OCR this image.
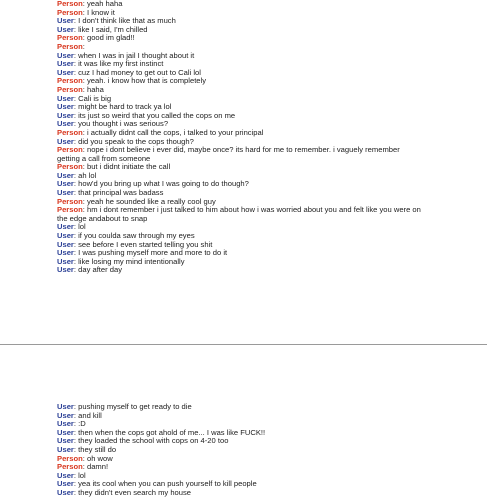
Person: yeah haha
Person: I know it
User: I don't think like that as much
User: like I said, I'm chilled
Person: good im glad!!
Person:
User: when I was in jail I thought about it
User: it was like my first instinct
User: cuz I had money to get out to Cali lol
Person: yeah. i know how that is completely
Person: haha
User: Cali is big
User: might be hard to track ya lol
User: its just so weird that you called the cops on me
User: you thought i was serious?
Person: i actually didnt call the cops, i talked to your principal
User: did you speak to the cops though?
Person: nope i dont believe i ever did, maybe once? its hard for me to remember. i vaguely remember getting a call from someone
Person: but i didnt initiate the call
User: ah lol
User: how'd you bring up what I was going to do though?
User: that principal was badass
Person: yeah he sounded like a really cool guy
Person: hm i dont remember i just talked to him about how i was worried about you and felt like you were on the edge andabout to snap
User: lol
User: if you coulda saw through my eyes
User: see before I even started telling you shit
User: I was pushing myself more and more to do it
User: like losing my mind intentionally
User: day after day
User: pushing myself to get ready to die
User: and kill
User: :D
User: then when the cops got ahold of me... I was like FUCK!!
User: they loaded the school with cops on 4-20 too
User: they still do
Person: oh wow
Person: damn!
User: lol
User: yea its cool when you can push yourself to kill people
User: they didn't even search my house
